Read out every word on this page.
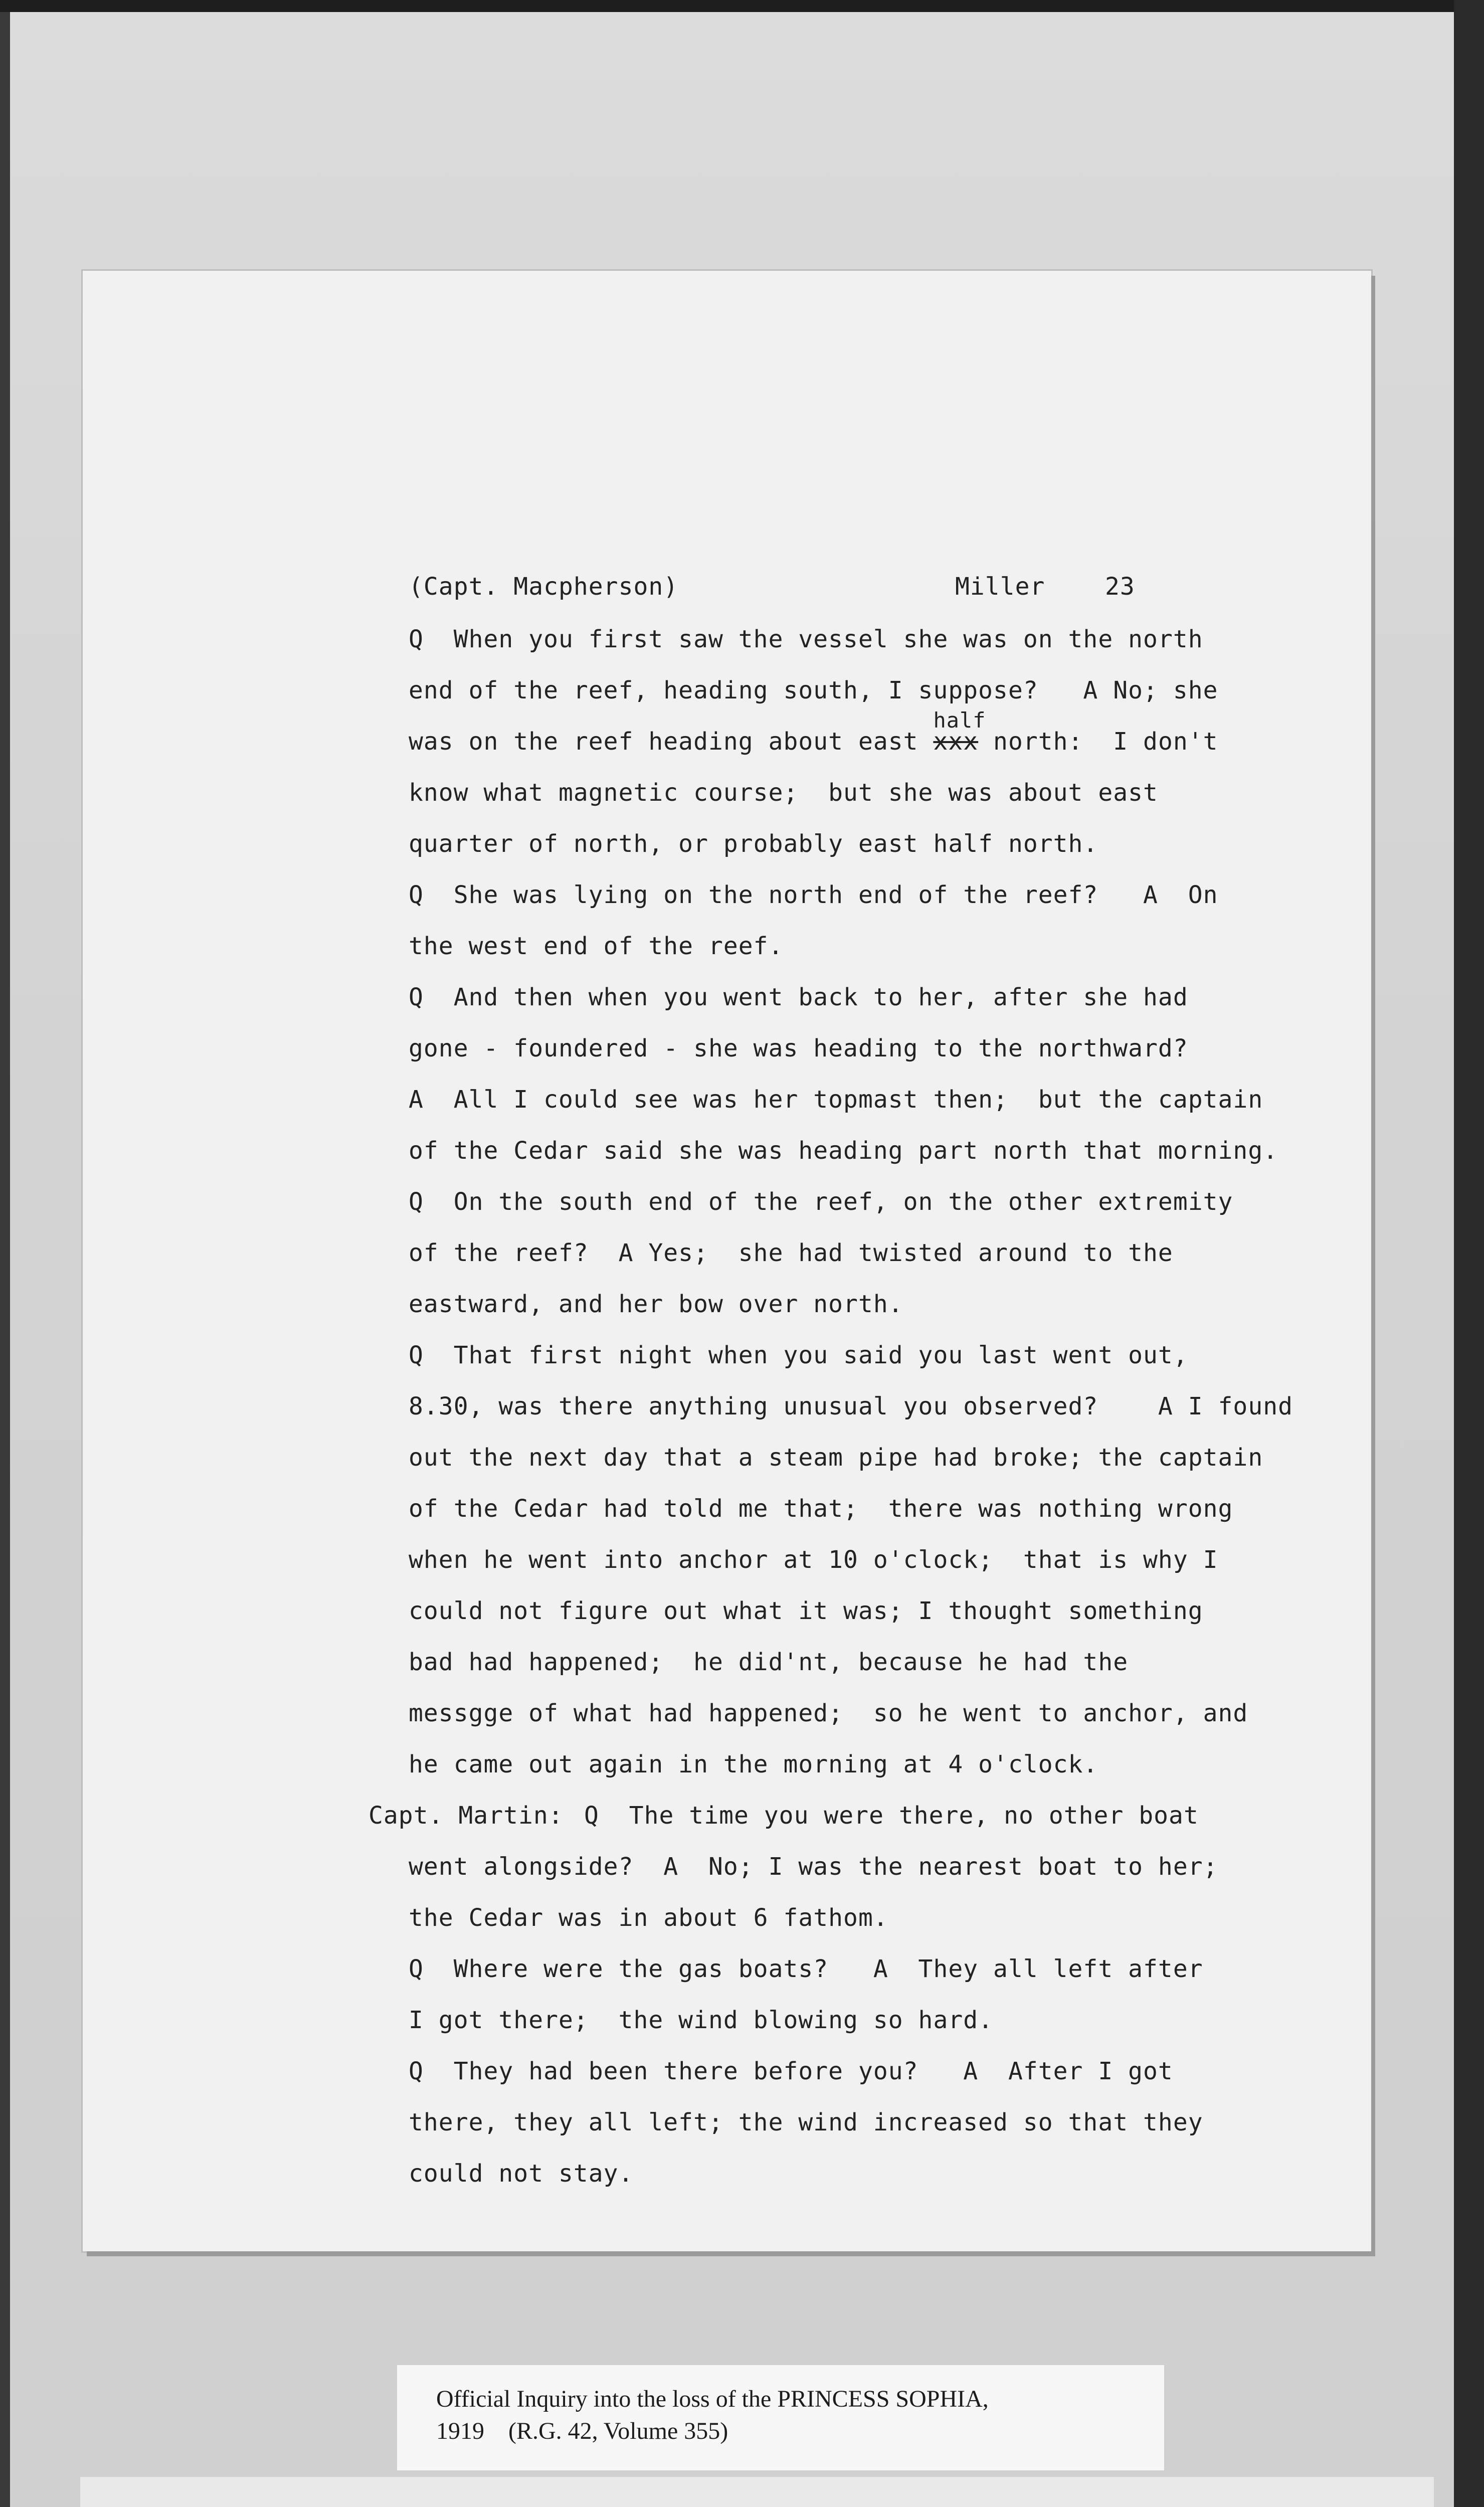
(Capt. Macpherson)	Miller    23
Q  When you first saw the vessel she was on the north
end of the reef, heading south, I suppose?   A No; she
was on the reef heading about east
half
xxx north:  I don't
know what magnetic course;  but she was about east
quarter of north, or probably east half north.
Q  She was lying on the north end of the reef?   A  On
the west end of the reef.
Q  And then when you went back to her, after she had
gone - foundered - she was heading to the northward?
A  All I could see was her topmast then;  but the captain
of the Cedar said she was heading part north that morning.
Q  On the south end of the reef, on the other extremity
of the reef?  A Yes;  she had twisted around to the
eastward, and her bow over north.
Q  That first night when you said you last went out,
8.30, was there anything unusual you observed?    A I found
out the next day that a steam pipe had broke; the captain
of the Cedar had told me that;  there was nothing wrong
when he went into anchor at 10 o'clock;  that is why I
could not figure out what it was; I thought something
bad had happened;  he did'nt, because he had the
messgge of what had happened;  so he went to anchor, and
he came out again in the morning at 4 o'clock.
Capt. Martin: Q  The time you were there, no other boat
went alongside?  A  No; I was the nearest boat to her;
the Cedar was in about 6 fathom.
Q  Where were the gas boats?   A  They all left after
I got there;  the wind blowing so hard.
Q  They had been there before you?   A  After I got
there, they all left; the wind increased so that they
could not stay.
Official Inquiry into the loss of the PRINCESS SOPHIA,
1919    (R.G. 42, Volume 355)
